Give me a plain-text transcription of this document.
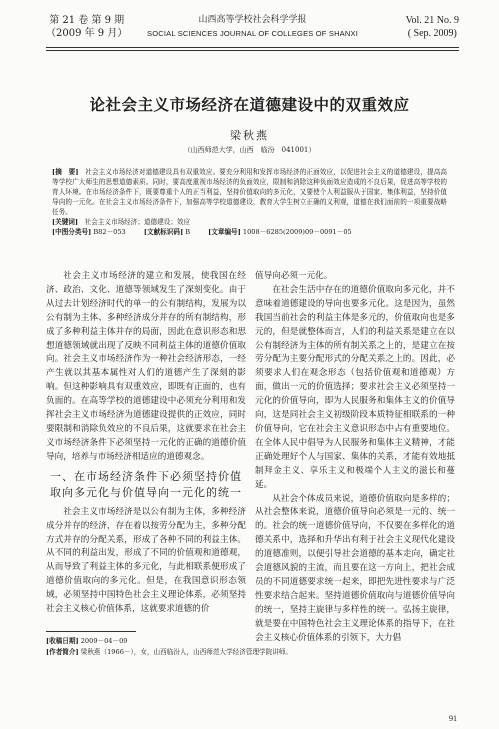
第 21 卷 第 9 期
（2009 年 9 月）
山西高等学校社会科学学报
SOCIAL SCIENCES JOURNAL OF COLLEGES OF SHANXI
Vol. 21 No. 9
( Sep. 2009)
论社会主义市场经济在道德建设中的双重效应
梁秋燕
（山西师范大学，山西　临汾　041001）

[摘　要]　 社会主义市场经济对道德建设具有双重效应。要充分利用和发挥市场经济的正面效应，以促进社会主义的道德建设，提高高等学校广大师生的思想道德素质。同时，要高度重视市场经济的负面效应，限制和消除这种负面效应造成的不良后果，促进高等学校的育人环境。在市场经济条件下，既要尊重个人的正当利益，坚持价值取向的多元化，又要使个人利益服从于国家、集体利益，坚持价值导向的一元化。在社会主义市场经济条件下，加强高等学校道德建设，教育大学生树立正确的义利观，道德在我们面前的一项重要战略任务。

[关键词]　 社会主义市场经济；道德建设；效应

[中图分类号] B82－053	[文献标识码] B	[文章编号] 1008－6285(2009)09－0091－05

社会主义市场经济的建立和发展，使我国在经济、政治、文化、道德等领域发生了深刻变化。由于从过去计划经济时代的单一的公有制结构，发展为以公有制为主体、多种经济成分并存的所有制结构，形成了多种利益主体并存的局面，因此在意识形态和思想道德领域就出现了反映不同利益主体的道德价值取向。社会主义市场经济作为一种社会经济形态，一经产生就以其基本属性对人们的道德产生了深刻的影响。但这种影响具有双重效应，即既有正面的，也有负面的。在高等学校的道德建设中必须充分利用和发挥社会主义市场经济为道德建设提供的正效应，同时要限制和消除负效应的不良后果，这就要求在社会主义市场经济条件下必须坚持一元化的正确的道德价值导向，培养与市场经济相适应的道德观念。

一、在市场经济条件下必须坚持价值取向多元化与价值导向一元化的统一

社会主义市场经济是以公有制为主体，多种经济成分并存的经济，存在着以按劳分配为主，多种分配方式并存的分配关系，形成了各种不同的利益主体。从不同的利益出发，形成了不同的价值观和道德观，从而导致了利益主体的多元化，与此相联系便形成了道德价值取向的多元化。但是，在我国意识形态领域，必须坚持中国特色社会主义理论体系，必须坚持社会主义核心价值体系，这就要求道德的价

值导向必须一元化。

在社会生活中存在的道德价值取向多元化，并不意味着道德建设的导向也要多元化。这是因为，虽然我国当前社会的利益主体是多元的，价值取向也是多元的，但是就整体而言，人们的利益关系是建立在以公有制经济为主体的所有制关系之上的，是建立在按劳分配为主要分配形式的分配关系之上的。因此，必须要求人们在观念形态（包括价值观和道德观）方面，做出一元的价值选择；要求社会主义必须坚持一元化的价值导向，即为人民服务和集体主义的价值导向，这是同社会主义初级阶段本质特征相联系的一种价值导向，它在社会主义意识形态中占有重要地位。在全体人民中倡导为人民服务和集体主义精神，才能正确处理好个人与国家、集体的关系，才能有效地抵制拜金主义、享乐主义和极端个人主义的滋长和蔓延。

从社会个体成员来说，道德价值取向是多样的；从社会整体来说，道德价值导向必须是一元的、统一的。社会的统一道德价值导向，不仅要在多样化的道德关系中，选择和升华出有利于社会主义现代化建设的道德准则，以便引导社会道德的基本走向，确定社会道德风貌的主流，而且要在这一方向上，把社会成员的不同道德要求统一起来，即把先进性要求与广泛性要求结合起来。坚持道德价值取向与道德价值导向的统一，坚持主旋律与多样性的统一。弘扬主旋律，就是要在中国特色社会主义理论体系的指导下，在社会主义核心价值体系的引领下，大力倡

[收稿日期] 2009－04－09
[作者简介] 梁秋燕（1966－），女，山西临汾人，山西师范大学经济管理学院讲师。
91
